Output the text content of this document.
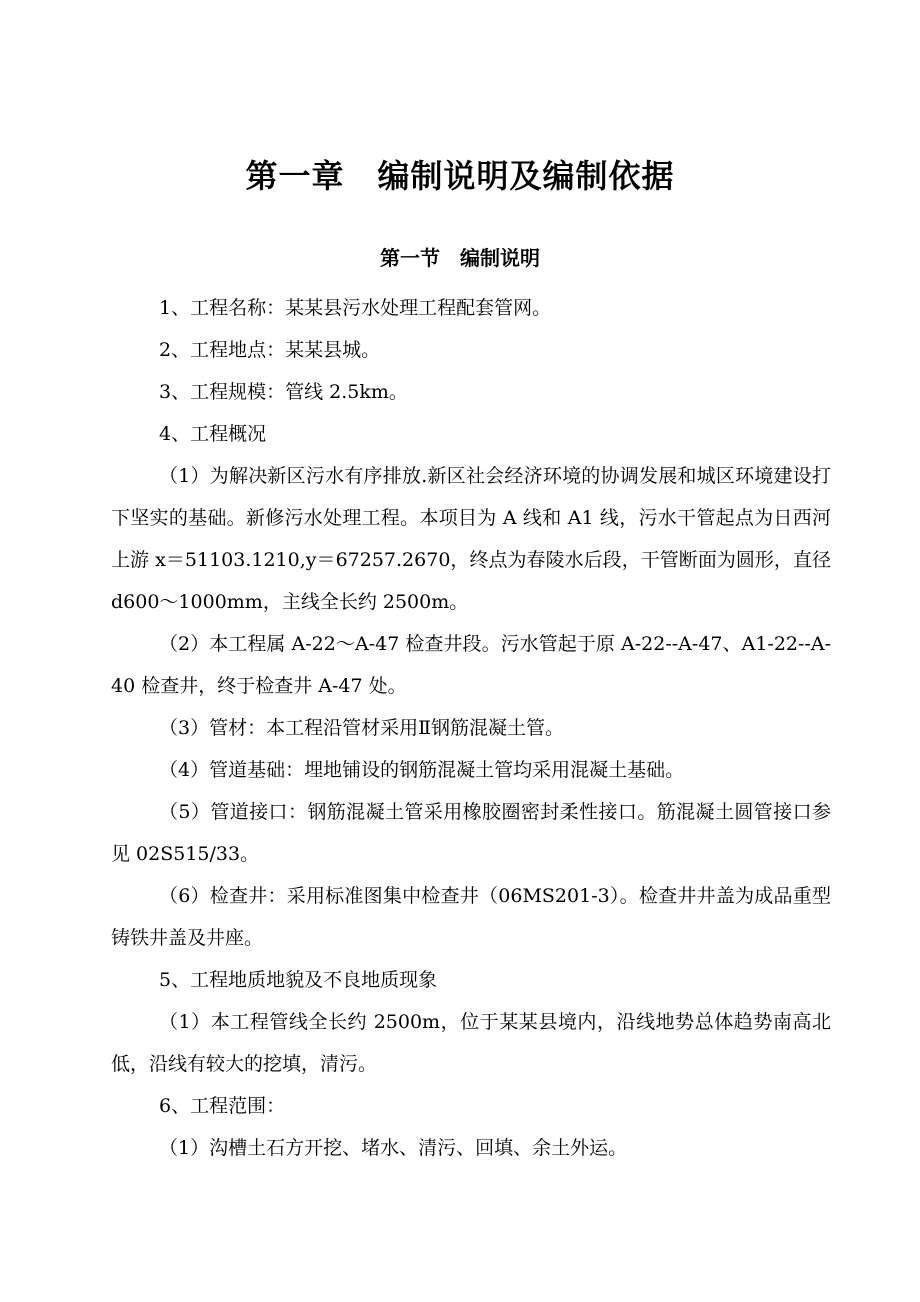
第一章　编制说明及编制依据
第一节　编制说明

1、工程名称：某某县污水处理工程配套管网。

2、工程地点：某某县城。

3、工程规模：管线 2.5km。

4、工程概况

（1）为解决新区污水有序排放.新区社会经济环境的协调发展和城区环境建设打下坚实的基础。新修污水处理工程。本项目为 A 线和 A1 线，污水干管起点为日西河上游 x＝51103.1210,y＝67257.2670，终点为春陵水后段，干管断面为圆形，直径 d600～1000mm，主线全长约 2500m。

（2）本工程属 A-22～A-47 检查井段。污水管起于原 A-22--A-47、A1-22--A-40 检查井，终于检查井 A-47 处。

（3）管材：本工程沿管材采用Ⅱ钢筋混凝土管。

（4）管道基础：埋地铺设的钢筋混凝土管均采用混凝土基础。

（5）管道接口：钢筋混凝土管采用橡胶圈密封柔性接口。筋混凝土圆管接口参见 02S515/33。

（6）检查井：采用标准图集中检查井（06MS201-3）。检查井井盖为成品重型铸铁井盖及井座。

5、工程地质地貌及不良地质现象

（1）本工程管线全长约 2500m，位于某某县境内，沿线地势总体趋势南高北低，沿线有较大的挖填，清污。

6、工程范围：

（1）沟槽土石方开挖、堵水、清污、回填、余土外运。
